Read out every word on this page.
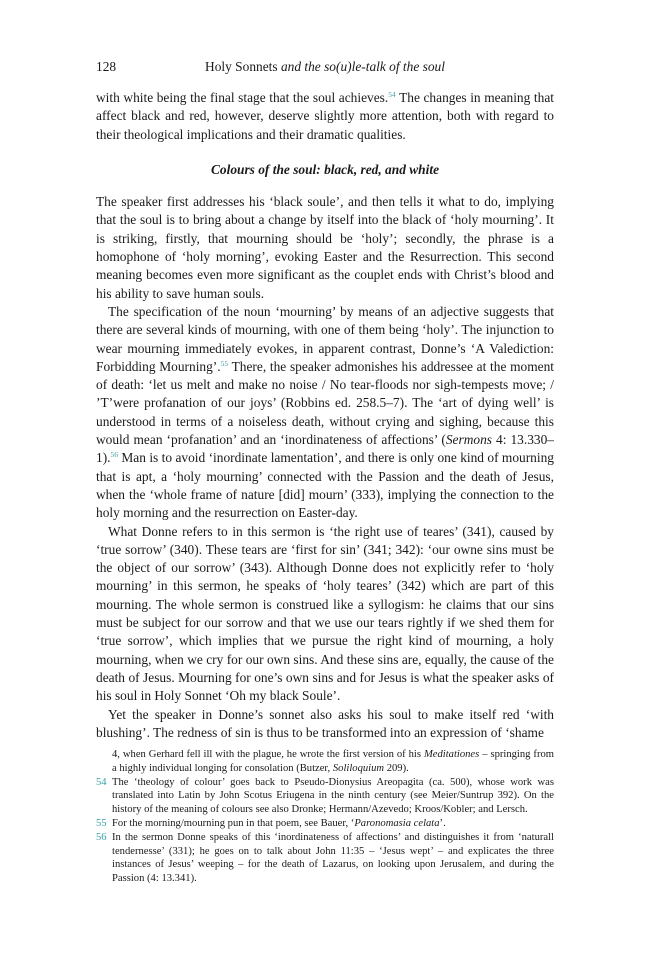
128	Holy Sonnets and the so(u)le-talk of the soul

with white being the final stage that the soul achieves.$^{54}$ The changes in meaning that affect black and red, however, deserve slightly more attention, both with regard to their theological implications and their dramatic qualities.

Colours of the soul: black, red, and white

The speaker first addresses his ‘black soule’, and then tells it what to do, implying that the soul is to bring about a change by itself into the black of ‘holy mourning’. It is striking, firstly, that mourning should be ‘holy’; secondly, the phrase is a homophone of ‘holy morning’, evoking Easter and the Resurrection. This second meaning becomes even more significant as the couplet ends with Christ’s blood and his ability to save human souls.

The specification of the noun ‘mourning’ by means of an adjective suggests that there are several kinds of mourning, with one of them being ‘holy’. The injunction to wear mourning immediately evokes, in apparent contrast, Donne’s ‘A Valediction: Forbidding Mourning’.$^{55}$ There, the speaker admonishes his addressee at the moment of death: ‘let us melt and make no noise / No tear-floods nor sigh-tempests move; / ’T’were profanation of our joys’ (Robbins ed. 258.5–7). The ‘art of dying well’ is understood in terms of a noiseless death, without crying and sighing, because this would mean ‘profanation’ and an ‘inordinateness of affections’ (Sermons 4: 13.330–1).$^{56}$ Man is to avoid ‘inordinate lamentation’, and there is only one kind of mourning that is apt, a ‘holy mourning’ connected with the Passion and the death of Jesus, when the ‘whole frame of nature [did] mourn’ (333), implying the connection to the holy morning and the resurrection on Easter-day.

What Donne refers to in this sermon is ‘the right use of teares’ (341), caused by ‘true sorrow’ (340). These tears are ‘first for sin’ (341; 342): ‘our owne sins must be the object of our sorrow’ (343). Although Donne does not explicitly refer to ‘holy mourning’ in this sermon, he speaks of ‘holy teares’ (342) which are part of this mourning. The whole sermon is construed like a syllogism: he claims that our sins must be subject for our sorrow and that we use our tears rightly if we shed them for ‘true sorrow’, which implies that we pursue the right kind of mourning, a holy mourning, when we cry for our own sins. And these sins are, equally, the cause of the death of Jesus. Mourning for one’s own sins and for Jesus is what the speaker asks of his soul in Holy Sonnet ‘Oh my black Soule’.

Yet the speaker in Donne’s sonnet also asks his soul to make itself red ‘with blushing’. The redness of sin is thus to be transformed into an expression of ‘shame

4, when Gerhard fell ill with the plague, he wrote the first version of his Meditationes – springing from a highly individual longing for consolation (Butzer, Soliloquium 209).
54 The ‘theology of colour’ goes back to Pseudo-Dionysius Areopagita (ca. 500), whose work was translated into Latin by John Scotus Eriugena in the ninth century (see Meier/Suntrup 392). On the history of the meaning of colours see also Dronke; Hermann/Azevedo; Kroos/Kobler; and Lersch.
55 For the morning/mourning pun in that poem, see Bauer, ‘Paronomasia celata’.
56 In the sermon Donne speaks of this ‘inordinateness of affections’ and distinguishes it from ‘naturall tendernesse’ (331); he goes on to talk about John 11:35 – ‘Jesus wept’ – and explicates the three instances of Jesus’ weeping – for the death of Lazarus, on looking upon Jerusalem, and during the Passion (4: 13.341).
